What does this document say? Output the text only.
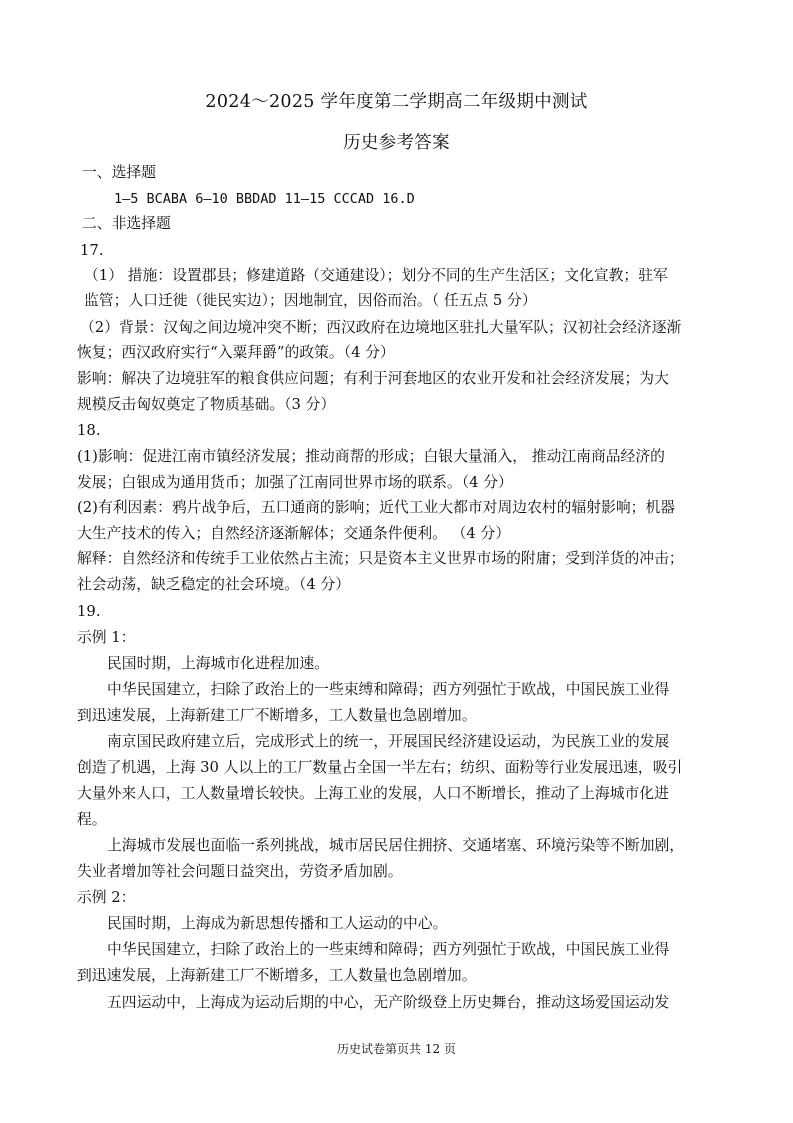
2024～2025 学年度第二学期高二年级期中测试
历史参考答案
一、选择题
1—5 BCABA 6—10 BBDAD 11—15 CCCAD 16.D
二、非选择题
17.
（1） 措施：设置郡县；修建道路（交通建设）；划分不同的生产生活区；文化宣教；驻军
监管；人口迁徙（徙民实边）；因地制宜，因俗而治。（ 任五点 5 分）
（2）背景：汉匈之间边境冲突不断；西汉政府在边境地区驻扎大量军队；汉初社会经济逐渐
恢复；西汉政府实行“入粟拜爵”的政策。（4 分）
影响：解决了边境驻军的粮食供应问题；有利于河套地区的农业开发和社会经济发展；为大
规模反击匈奴奠定了物质基础。（3 分）
18.
(1)影响：促进江南市镇经济发展；推动商帮的形成；白银大量涌入， 推动江南商品经济的
发展；白银成为通用货币；加强了江南同世界市场的联系。（4 分）
(2)有利因素：鸦片战争后，五口通商的影响；近代工业大都市对周边农村的辐射影响；机器
大生产技术的传入；自然经济逐渐解体；交通条件便利。 （4 分）
解释：自然经济和传统手工业依然占主流；只是资本主义世界市场的附庸；受到洋货的冲击；
社会动荡，缺乏稳定的社会环境。（4 分）
19.
示例 1：
民国时期，上海城市化进程加速。
中华民国建立，扫除了政治上的一些束缚和障碍；西方列强忙于欧战，中国民族工业得
到迅速发展，上海新建工厂不断增多，工人数量也急剧增加。
南京国民政府建立后，完成形式上的统一，开展国民经济建设运动，为民族工业的发展
创造了机遇，上海 30 人以上的工厂数量占全国一半左右；纺织、面粉等行业发展迅速，吸引
大量外来人口，工人数量增长较快。上海工业的发展，人口不断增长，推动了上海城市化进
程。
上海城市发展也面临一系列挑战，城市居民居住拥挤、交通堵塞、环境污染等不断加剧，
失业者增加等社会问题日益突出，劳资矛盾加剧。
示例 2：
民国时期，上海成为新思想传播和工人运动的中心。
中华民国建立，扫除了政治上的一些束缚和障碍；西方列强忙于欧战，中国民族工业得
到迅速发展，上海新建工厂不断增多，工人数量也急剧增加。
五四运动中，上海成为运动后期的中心，无产阶级登上历史舞台，推动这场爱国运动发
历史试卷第页共 12 页
